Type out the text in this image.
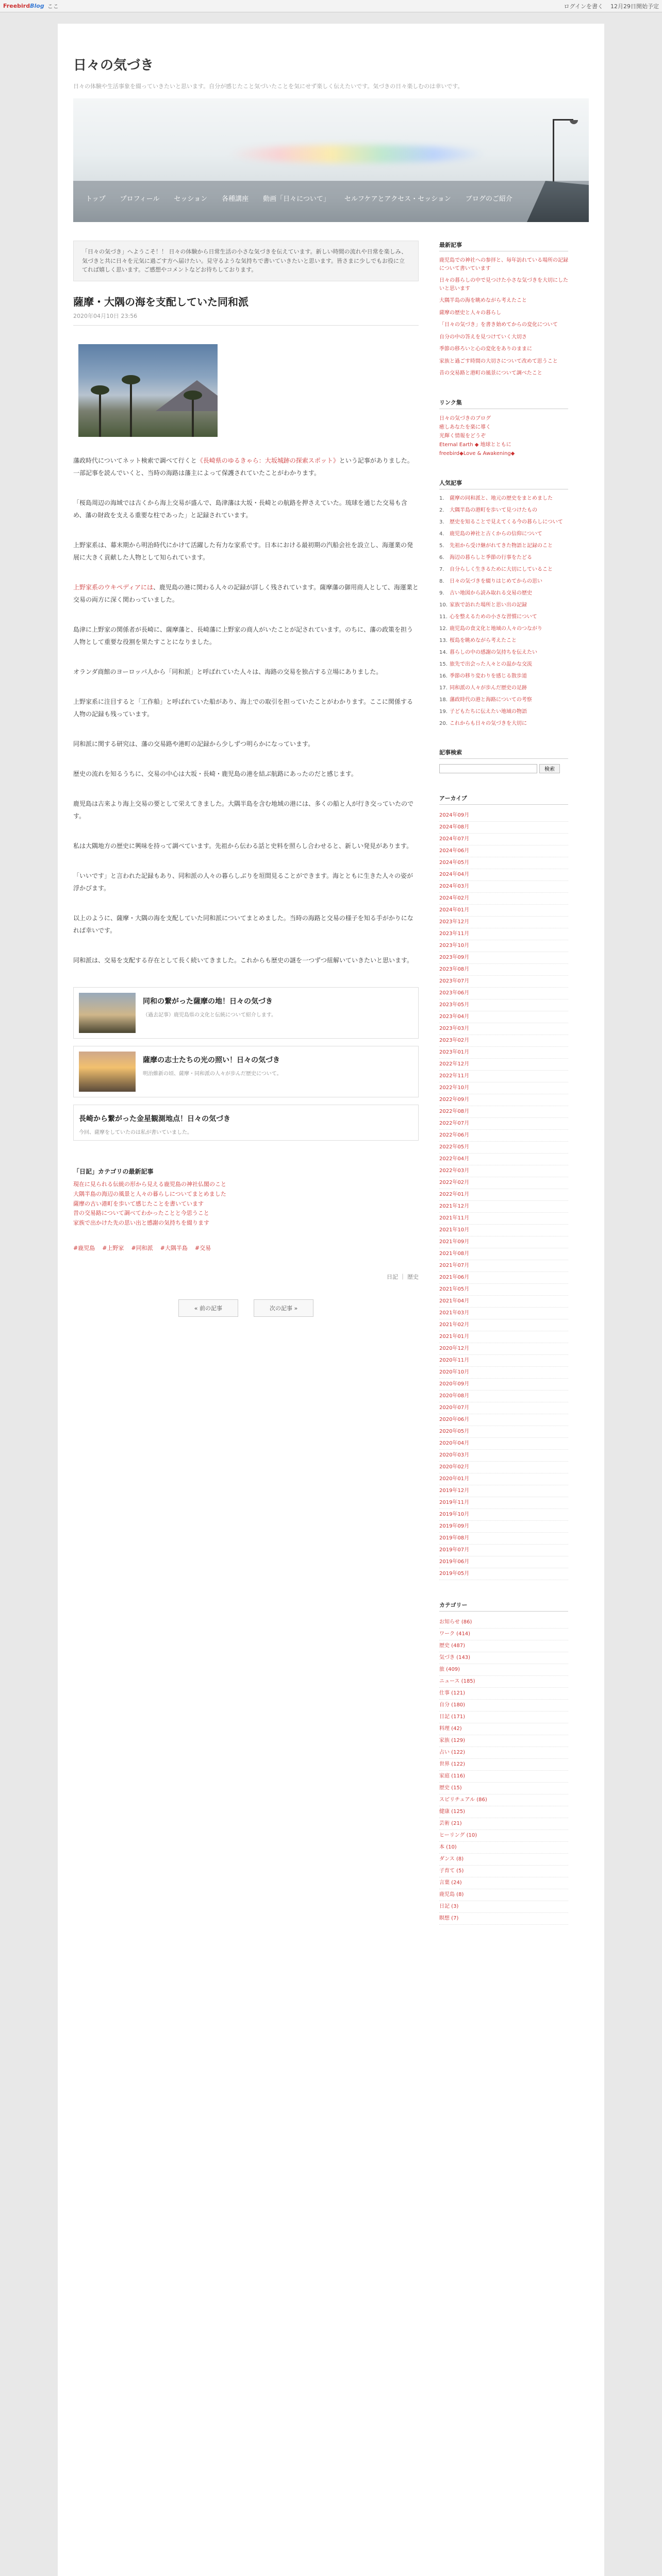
FreebirdBlog ここ	ログインを書く 12月29日開始予定
日々の気づき

日々の体験や生活事象を綴っていきたいと思います。自分が感じたこと気づいたことを気にせず楽しく伝えたいです。気づきの日々楽しむのは幸いです。

トップ	プロフィール	セッション	各種講座	動画「日々について」	セルフケアとアクセス・セッション	ブログのご紹介
「日々の気づき」へようこそ！！ 日々の体験から日常生活の小さな気づきを伝えています。新しい時間の流れや日常を楽しみ、気づきと共に日々を元気に過ごす方へ届けたい。見守るような気持ちで書いていきたいと思います。皆さまに少しでもお役に立てれば嬉しく思います。ご感想やコメントなどお待ちしております。
薩摩・大隅の海を支配していた同和派
2020年04月10日 23:56

藩政時代についてネット検索で調べて行くと《長崎県のゆるきゃら：大坂城跡の探索スポット》という記事がありました。一部記事を読んでいくと、当時の海路は藩主によって保護されていたことがわかります。

「桜島周辺の海域では古くから海上交易が盛んで、島津藩は大坂・長崎との航路を押さえていた。琉球を通じた交易も含め、藩の財政を支える重要な柱であった」と記録されています。

上野家系は、幕末期から明治時代にかけて活躍した有力な家系です。日本における最初期の汽船会社を設立し、海運業の発展に大きく貢献した人物として知られています。

上野家系のウキペディアには、鹿児島の港に関わる人々の記録が詳しく残されています。薩摩藩の御用商人として、海運業と交易の両方に深く関わっていました。

島津に上野家の関係者が長崎に、薩摩藩と、長崎藩に上野家の商人がいたことが記されています。のちに、藩の政策を担う人物として重要な役割を果たすことになりました。

オランダ商館のヨーロッパ人から「同和派」と呼ばれていた人々は、海路の交易を独占する立場にありました。

上野家系に注目すると「工作船」と呼ばれていた船があり、海上での取引を担っていたことがわかります。ここに関係する人物の記録も残っています。

同和派に関する研究は、藩の交易路や港町の記録から少しずつ明らかになっています。

歴史の流れを知るうちに、交易の中心は大坂・長崎・鹿児島の港を結ぶ航路にあったのだと感じます。

鹿児島は古来より海上交易の要として栄えてきました。大隅半島を含む地域の港には、多くの船と人が行き交っていたのです。

私は大隅地方の歴史に興味を持って調べています。先祖から伝わる話と史料を照らし合わせると、新しい発見があります。

「いいです」と言われた記録もあり、同和派の人々の暮らしぶりを垣間見ることができます。海とともに生きた人々の姿が浮かびます。

以上のように、薩摩・大隅の海を支配していた同和派についてまとめました。当時の海路と交易の様子を知る手がかりになれば幸いです。

同和派は、交易を支配する存在として長く続いてきました。これからも歴史の謎を一つずつ紐解いていきたいと思います。

同和の繋がった薩摩の地！日々の気づき
（過去記事）鹿児島県の文化と伝統について紹介します。
薩摩の志士たちの光の照い！日々の気づき
明治維新の頃、薩摩・同和派の人々が歩んだ歴史について。
長崎から繋がった金星観測地点！日々の気づき
今回、薩摩をしていたのは私が書いていました。
「日記」カテゴリの最新記事
現在に見られる伝統の形から見える鹿児島の神社仏閣のこと
大隅半島の海辺の風景と人々の暮らしについてまとめました
薩摩の古い港町を歩いて感じたことを書いています
昔の交易路について調べてわかったことと今思うこと
家族で出かけた先の思い出と感謝の気持ちを綴ります
#鹿児島 #上野家 #同和派 #大隅半島 #交易
日記 ｜ 歴史
« 前の記事	次の記事 »
最新記事
鹿児島での神社への参拝と、毎年訪れている場所の記録について書いています
日々の暮らしの中で見つけた小さな気づきを大切にしたいと思います
大隅半島の海を眺めながら考えたこと
薩摩の歴史と人々の暮らし
「日々の気づき」を書き始めてからの変化について
自分の中の答えを見つけていく大切さ
季節の移ろいと心の変化をありのままに
家族と過ごす時間の大切さについて改めて思うこと
昔の交易路と港町の風景について調べたこと
リンク集
日々の気づきのブログ
癒しあなたを楽に導く
光輝く情報をどうぞ
Eternal Earth ◆ 地球とともに
freebird◆Love & Awakening◆
人気記事
1.	薩摩の同和派と、地元の歴史をまとめました
2.	大隅半島の港町を歩いて見つけたもの
3.	歴史を知ることで見えてくる今の暮らしについて
4.	鹿児島の神社と古くからの信仰について
5.	先祖から受け継がれてきた物語と記録のこと
6.	海辺の暮らしと季節の行事をたどる
7.	自分らしく生きるために大切にしていること
8.	日々の気づきを綴りはじめてからの思い
9.	古い地図から読み取れる交易の歴史
10. 家族で訪れた場所と思い出の記録
11. 心を整えるための小さな習慣について
12. 鹿児島の食文化と地域の人々のつながり
13. 桜島を眺めながら考えたこと
14. 暮らしの中の感謝の気持ちを伝えたい
15. 旅先で出会った人々との温かな交流
16. 季節の移り変わりを感じる散歩道
17. 同和派の人々が歩んだ歴史の足跡
18. 藩政時代の港と海路についての考察
19. 子どもたちに伝えたい地域の物語
20. これからも日々の気づきを大切に
記事検索
検索
アーカイブ
2024年09月
2024年08月
2024年07月
2024年06月
2024年05月
2024年04月
2024年03月
2024年02月
2024年01月
2023年12月
2023年11月
2023年10月
2023年09月
2023年08月
2023年07月
2023年06月
2023年05月
2023年04月
2023年03月
2023年02月
2023年01月
2022年12月
2022年11月
2022年10月
2022年09月
2022年08月
2022年07月
2022年06月
2022年05月
2022年04月
2022年03月
2022年02月
2022年01月
2021年12月
2021年11月
2021年10月
2021年09月
2021年08月
2021年07月
2021年06月
2021年05月
2021年04月
2021年03月
2021年02月
2021年01月
2020年12月
2020年11月
2020年10月
2020年09月
2020年08月
2020年07月
2020年06月
2020年05月
2020年04月
2020年03月
2020年02月
2020年01月
2019年12月
2019年11月
2019年10月
2019年09月
2019年08月
2019年07月
2019年06月
2019年05月
カテゴリー
お知らせ (86)
ワーク (414)
歴史 (487)
気づき (143)
旅 (409)
ニュース (185)
仕事 (121)
自分 (180)
日記 (171)
料理 (42)
家族 (129)
占い (122)
世界 (122)
家庭 (116)
歴史 (15)
スピリチュアル (86)
健康 (125)
芸術 (21)
ヒーリング (10)
本 (10)
ダンス (8)
子育て (5)
言葉 (24)
鹿児島 (8)
日記 (3)
瞑想 (7)
